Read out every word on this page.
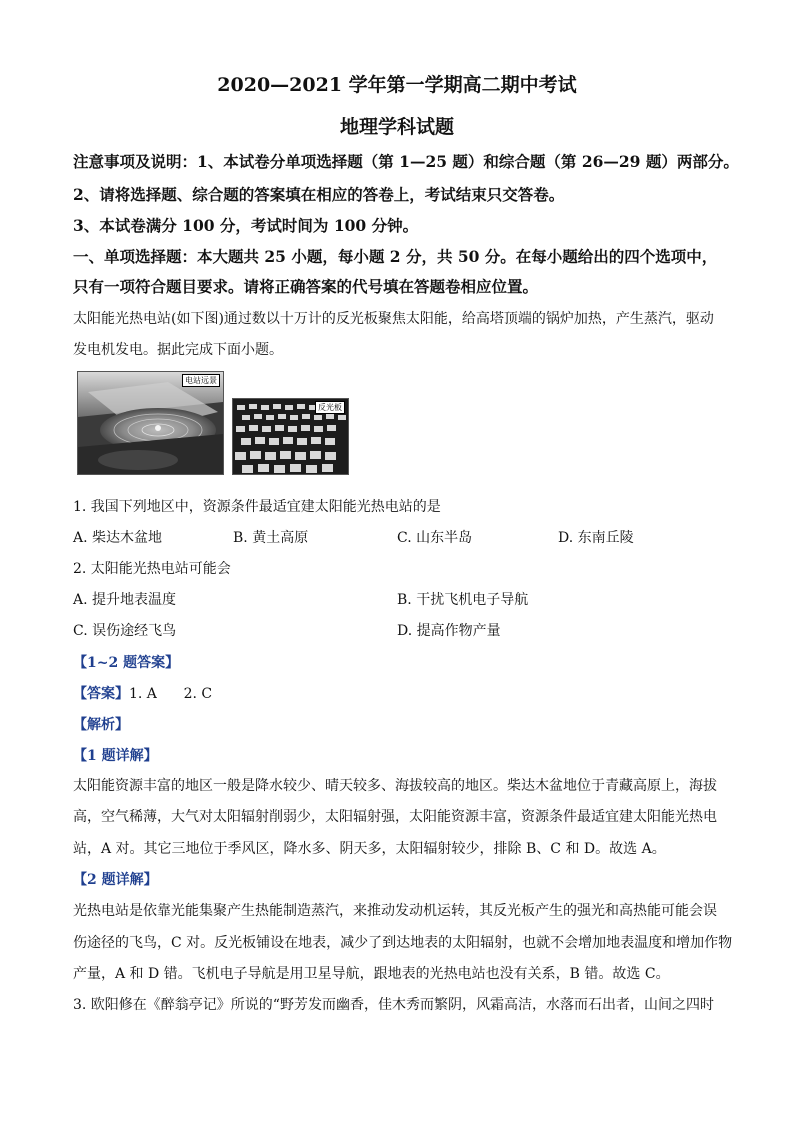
2020—2021 学年第一学期高二期中考试
地理学科试题
注意事项及说明：1、本试卷分单项选择题（第 1—25 题）和综合题（第 26—29 题）两部分。
2、请将选择题、综合题的答案填在相应的答卷上，考试结束只交答卷。
3、本试卷满分 100 分，考试时间为 100 分钟。
一、单项选择题：本大题共 25 小题，每小题 2 分，共 50 分。在每小题给出的四个选项中，
只有一项符合题目要求。请将正确答案的代号填在答题卷相应位置。
太阳能光热电站(如下图)通过数以十万计的反光板聚焦太阳能，给高塔顶端的锅炉加热，产生蒸汽，驱动
发电机发电。据此完成下面小题。
电站远景
反光板
1. 我国下列地区中，资源条件最适宜建太阳能光热电站的是
A. 柴达木盆地	B. 黄土高原	C. 山东半岛	D. 东南丘陵
2. 太阳能光热电站可能会
A. 提升地表温度	B. 干扰飞机电子导航
C. 误伤途经飞鸟	D. 提高作物产量
【1~2 题答案】
【答案】1. A      2. C
【解析】
【1 题详解】
太阳能资源丰富的地区一般是降水较少、晴天较多、海拔较高的地区。柴达木盆地位于青藏高原上，海拔
高，空气稀薄，大气对太阳辐射削弱少，太阳辐射强，太阳能资源丰富，资源条件最适宜建太阳能光热电
站，A 对。其它三地位于季风区，降水多、阴天多，太阳辐射较少，排除 B、C 和 D。故选 A。
【2 题详解】
光热电站是依靠光能集聚产生热能制造蒸汽，来推动发动机运转，其反光板产生的强光和高热能可能会误
伤途径的飞鸟，C 对。反光板铺设在地表，减少了到达地表的太阳辐射，也就不会增加地表温度和增加作物
产量，A 和 D 错。飞机电子导航是用卫星导航，跟地表的光热电站也没有关系，B 错。故选 C。
3. 欧阳修在《醉翁亭记》所说的“野芳发而幽香，佳木秀而繁阴，风霜高洁，水落而石出者，山间之四时
